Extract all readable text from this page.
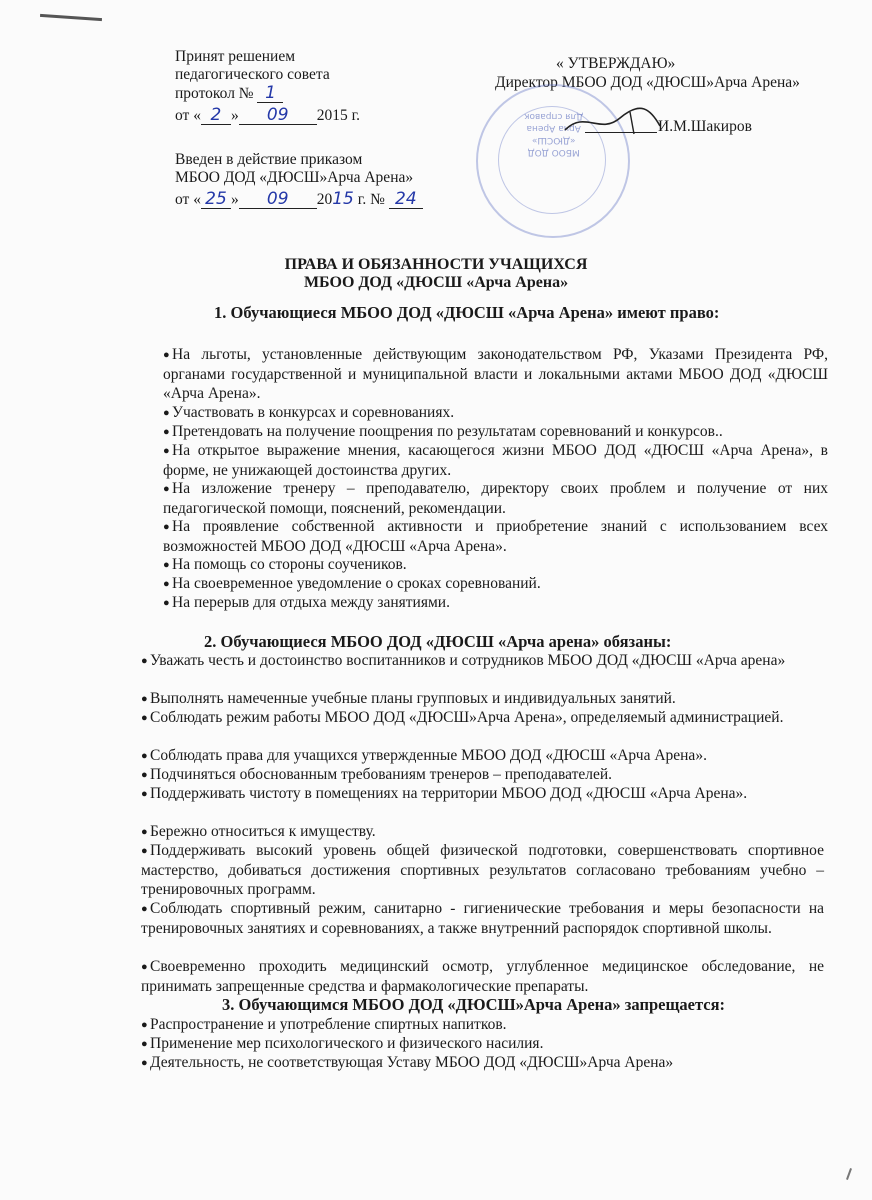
Принят решением
педагогического совета
протокол № 1
от « 2 » 09 2015 г.
Введен в действие приказом
МБОО ДОД «ДЮСШ»Арча Арена»
от « 25 » 09 2015 г. № 24
« УТВЕРЖДАЮ»
Директор МБОО ДОД «ДЮСШ»Арча Арена»
МБОО ДОД
«ДЮСШ»
Арча Арена
Для справок
И.М.Шакиров
ПРАВА И ОБЯЗАННОСТИ УЧАЩИХСЯ
МБОО ДОД «ДЮСШ «Арча Арена»
1. Обучающиеся МБОО ДОД «ДЮСШ «Арча Арена» имеют право:
● На льготы, установленные действующим законодательством РФ, Указами Президента РФ, органами государственной и муниципальной власти и локальными актами МБОО ДОД «ДЮСШ «Арча Арена».
● Участвовать в конкурсах и соревнованиях.
● Претендовать на получение поощрения по результатам соревнований и конкурсов..
● На открытое выражение мнения, касающегося жизни МБОО ДОД «ДЮСШ «Арча Арена», в форме, не унижающей достоинства других.
● На изложение тренеру – преподавателю, директору своих проблем и получение от них педагогической помощи, пояснений, рекомендации.
● На проявление собственной активности и приобретение знаний с использованием всех возможностей МБОО ДОД «ДЮСШ «Арча Арена».
● На помощь со стороны соучеников.
● На своевременное уведомление о сроках соревнований.
● На перерыв для отдыха между занятиями.
2. Обучающиеся МБОО ДОД «ДЮСШ «Арча арена» обязаны:
● Уважать честь и достоинство воспитанников и сотрудников МБОО ДОД «ДЮСШ «Арча арена»
● Выполнять намеченные учебные планы групповых и индивидуальных занятий.
● Соблюдать режим работы МБОО ДОД «ДЮСШ»Арча Арена», определяемый администрацией.
● Соблюдать права для учащихся утвержденные МБОО ДОД «ДЮСШ «Арча Арена».
● Подчиняться обоснованным требованиям тренеров – преподавателей.
● Поддерживать чистоту в помещениях на территории МБОО ДОД «ДЮСШ «Арча Арена».
● Бережно относиться к имуществу.
● Поддерживать высокий уровень общей физической подготовки, совершенствовать спортивное мастерство, добиваться достижения спортивных результатов согласовано требованиям учебно – тренировочных программ.
● Соблюдать спортивный режим, санитарно - гигиенические требования и меры безопасности на тренировочных занятиях и соревнованиях, а также внутренний распорядок спортивной школы.
● Своевременно проходить медицинский осмотр, углубленное медицинское обследование, не принимать запрещенные средства и фармакологические препараты.
3. Обучающимся МБОО ДОД «ДЮСШ»Арча Арена» запрещается:
● Распространение и употребление спиртных напитков.
● Применение мер психологического и физического насилия.
● Деятельность, не соответствующая Уставу МБОО ДОД «ДЮСШ»Арча Арена»
